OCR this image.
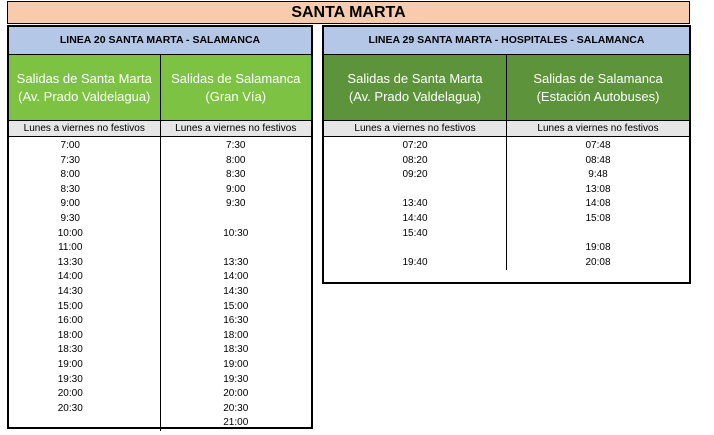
SANTA MARTA
LINEA 20 SANTA MARTA - SALAMANCA
Salidas de Santa Marta
(Av. Prado Valdelagua)
Lunes a viernes no festivos
7:00
7:30
8:00
8:30
9:00
9:30
10:00
11:00
13:30
14:00
14:30
15:00
16:00
18:00
18:30
19:00
19:30
20:00
20:30
Salidas de Salamanca
(Gran Vía)
Lunes a viernes no festivos
7:30
8:00
8:30
9:00
9:30
10:30
13:30
14:00
14:30
15:00
16:30
18:00
18:30
19:00
19:30
20:00
20:30
21:00
LINEA 29 SANTA MARTA - HOSPITALES - SALAMANCA
Salidas de Santa Marta
(Av. Prado Valdelagua)
Lunes a viernes no festivos
07:20
08:20
09:20
13:40
14:40
15:40
19:40
Salidas de Salamanca
(Estación Autobuses)
Lunes a viernes no festivos
07:48
08:48
9:48
13:08
14:08
15:08
19:08
20:08
